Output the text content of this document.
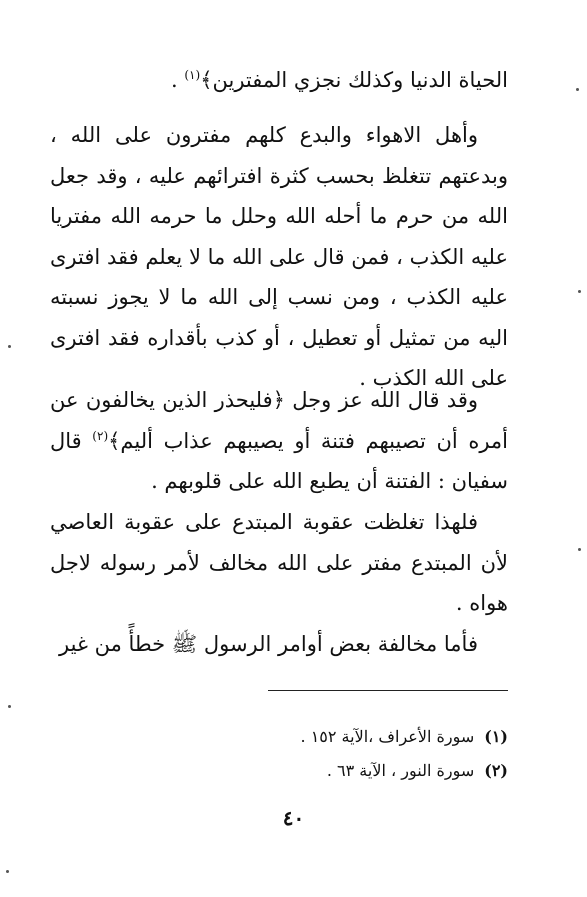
الحياة الدنيا وكذلك نجزي المفترين﴾$^{(١)}$ .

وأهل الاهواء والبدع كلهم مفترون على الله ، وبدعتهم تتغلظ بحسب كثرة افترائهم عليه ، وقد جعل الله من حرم ما أحله الله وحلل ما حرمه الله مفتريا عليه الكذب ، فمن قال على الله ما لا يعلم فقد افترى عليه الكذب ، ومن نسب إلى الله ما لا يجوز نسبته اليه من تمثيل أو تعطيل ، أو كذب بأقداره فقد افترى على الله الكذب .

وقد قال الله عز وجل ﴿فليحذر الذين يخالفون عن أمره أن تصيبهم فتنة أو يصيبهم عذاب أليم﴾$^{(٢)}$ قال سفيان : الفتنة أن يطبع الله على قلوبهم .

فلهذا تغلظت عقوبة المبتدع على عقوبة العاصي لأن المبتدع مفتر على الله مخالف لأمر رسوله لاجل هواه .

فأما مخالفة بعض أوامر الرسول ﷺ خطأً من غير

(١)سورة الأعراف ،الآية ١٥٢ .
(٢)سورة النور ، الآية ٦٣ .
٤٠
